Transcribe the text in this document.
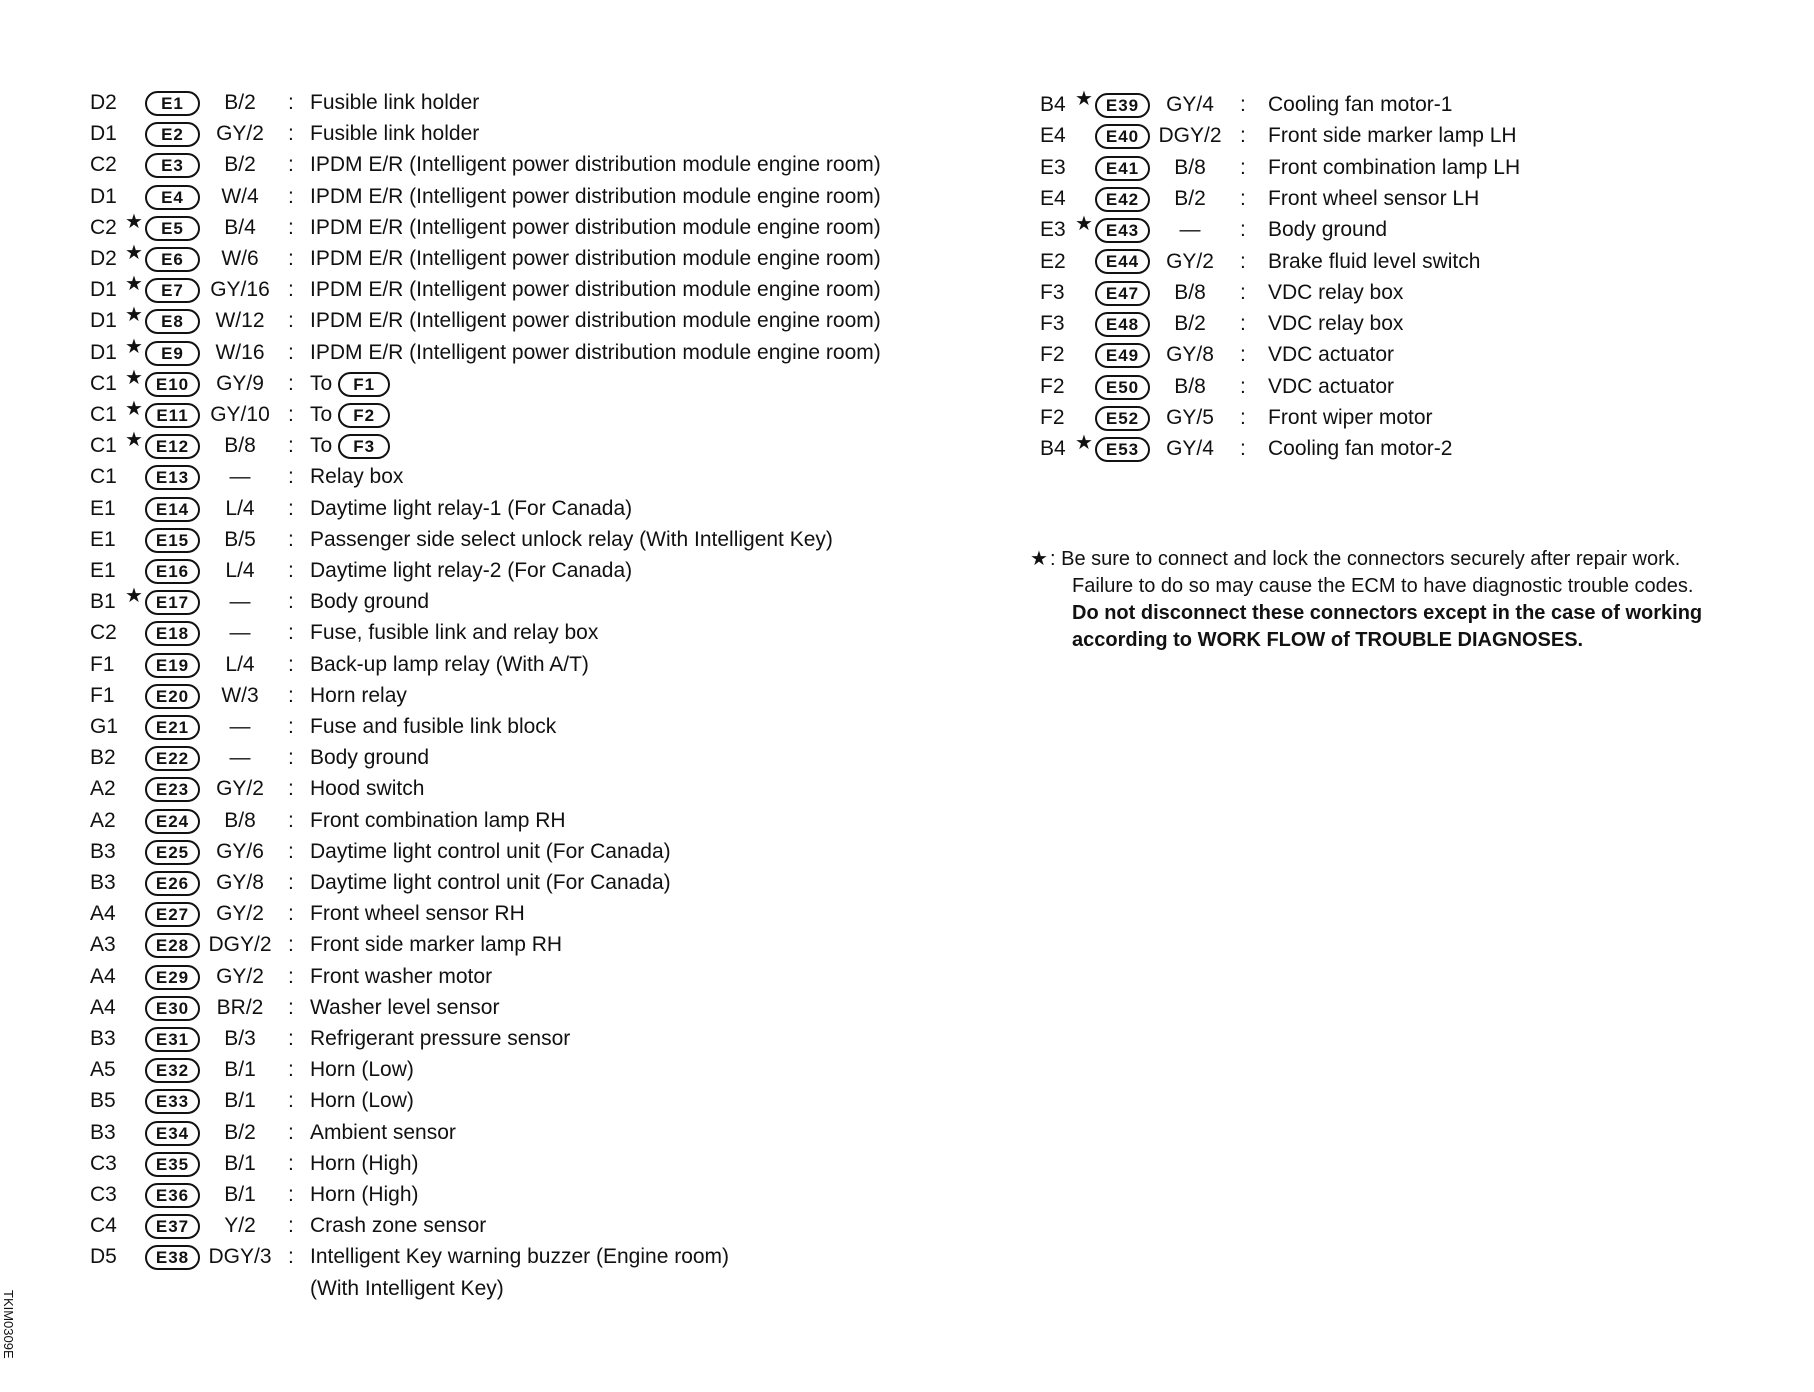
D2	E1	B/2	: Fusible link holder
D1	E2	GY/2	: Fusible link holder
C2	E3	B/2	: IPDM E/R (Intelligent power distribution module engine room)
D1	E4	W/4	: IPDM E/R (Intelligent power distribution module engine room)
C2 ★	E5	B/4	: IPDM E/R (Intelligent power distribution module engine room)
D2 ★	E6	W/6	: IPDM E/R (Intelligent power distribution module engine room)
D1 ★	E7	GY/16 : IPDM E/R (Intelligent power distribution module engine room)
D1 ★	E8	W/12	: IPDM E/R (Intelligent power distribution module engine room)
D1 ★	E9	W/16	: IPDM E/R (Intelligent power distribution module engine room)
C1 ★ E10	GY/9	: To F1
C1 ★ E11	GY/10 : To F2
C1 ★ E12	B/8	: To F3
C1	E13	—	: Relay box
E1	E14	L/4	: Daytime light relay-1 (For Canada)
E1	E15	B/5	: Passenger side select unlock relay (With Intelligent Key)
E1	E16	L/4	: Daytime light relay-2 (For Canada)
B1 ★ E17	—	: Body ground
C2	E18	—	: Fuse, fusible link and relay box
F1	E19	L/4	: Back-up lamp relay (With A/T)
F1	E20	W/3	: Horn relay
G1	E21	—	: Fuse and fusible link block
B2	E22	—	: Body ground
A2	E23	GY/2	: Hood switch
A2	E24	B/8	: Front combination lamp RH
B3	E25	GY/6	: Daytime light control unit (For Canada)
B3	E26	GY/8	: Daytime light control unit (For Canada)
A4	E27	GY/2	: Front wheel sensor RH
A3	E28 DGY/2 : Front side marker lamp RH
A4	E29	GY/2	: Front washer motor
A4	E30	BR/2	: Washer level sensor
B3	E31	B/3	: Refrigerant pressure sensor
A5	E32	B/1	: Horn (Low)
B5	E33	B/1	: Horn (Low)
B3	E34	B/2	: Ambient sensor
C3	E35	B/1	: Horn (High)
C3	E36	B/1	: Horn (High)
C4	E37	Y/2	: Crash zone sensor
D5	E38 DGY/3 : Intelligent Key warning buzzer (Engine room)
(With Intelligent Key)
B4 ★ E39	GY/4	: Cooling fan motor-1
E4	E40 DGY/2 : Front side marker lamp LH
E3	E41	B/8	: Front combination lamp LH
E4	E42	B/2	: Front wheel sensor LH
E3 ★ E43	—	: Body ground
E2	E44	GY/2	: Brake fluid level switch
F3	E47	B/8	: VDC relay box
F3	E48	B/2	: VDC relay box
F2	E49	GY/8	: VDC actuator
F2	E50	B/8	: VDC actuator
F2	E52	GY/5	: Front wiper motor
B4 ★ E53	GY/4	: Cooling fan motor-2
★ : Be sure to connect and lock the connectors securely after repair work.
Failure to do so may cause the ECM to have diagnostic trouble codes.
Do not disconnect these connectors except in the case of working
according to WORK FLOW of TROUBLE DIAGNOSES.
TKIM0309E
